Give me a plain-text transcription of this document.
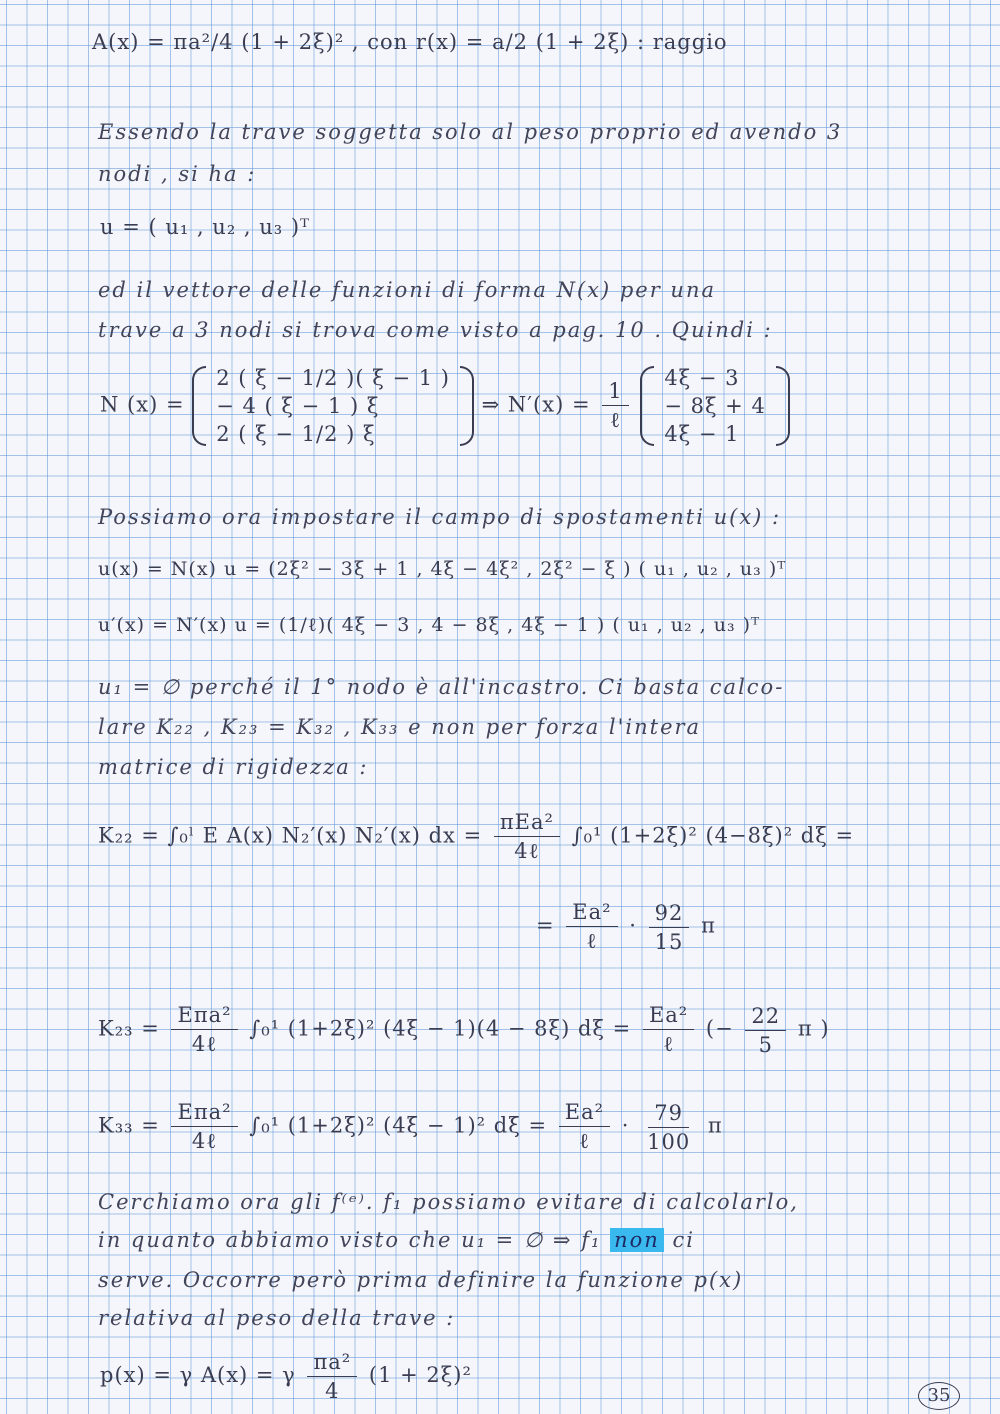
A(x) = πa²/4 (1 + 2ξ)² , con r(x) = a/2 (1 + 2ξ) : raggio
Essendo la trave soggetta solo al peso proprio ed avendo 3
nodi , si ha :
u = ( u₁ , u₂ , u₃ )ᵀ
ed il vettore delle funzioni di forma N(x) per una
trave a 3 nodi si trova come visto a pag. 10 . Quindi :
N (x) =
2 ( ξ − 1/2 )( ξ − 1 )
− 4 ( ξ − 1 ) ξ
2 ( ξ − 1/2 ) ξ
⇒ $N'(x) = \frac{1}{\text{ℓ}}$

4ξ − 3
− 8ξ + 4
4ξ − 1
Possiamo ora impostare il campo di spostamenti u(x) :
u(x) = N(x) u = (2ξ² − 3ξ + 1 , 4ξ − 4ξ² , 2ξ² − ξ ) ( u₁ , u₂ , u₃ )ᵀ
u′(x) = N′(x) u = (1/ℓ)( 4ξ − 3 , 4 − 8ξ , 4ξ − 1 ) ( u₁ , u₂ , u₃ )ᵀ
u₁ = ∅ perché il 1° nodo è all'incastro. Ci basta calco-
lare K₂₂ , K₂₃ = K₃₂ , K₃₃ e non per forza l'intera
matrice di rigidezza :
K₂₂ = ∫₀ˡ E A(x) N₂′(x) N₂′(x) dx = $\frac{\text{πEa²}}{\text{4ℓ}} \int_0^1$ (1+2ξ)² (4−8ξ)² dξ =
= $\frac{\text{Ea²}}{\text{ℓ}} \cdot \frac{92}{15}$ π
$K_{23} = \frac{\text{Eπa²}}{\text{4ℓ}} \int_0^1$ (1+2ξ)² (4ξ − 1)(4 − 8ξ) $d\xi = \frac{\text{Ea²}}{\text{ℓ}}$ (− $\frac{22}{5}$ π )
$K_{33} = \frac{\text{Eπa²}}{\text{4ℓ}} \int_0^1$ (1+2ξ)² (4ξ − 1)² $d\xi = \frac{\text{Ea²}}{\text{ℓ}} \cdot \frac{79}{100}$ π
Cerchiamo ora gli f⁽ᵉ⁾. f₁ possiamo evitare di calcolarlo,
in quanto abbiamo visto che u₁ = ∅ ⇒ f₁ non ci
serve. Occorre però prima definire la funzione p(x)
relativa al peso della trave :
p(x) = γ A(x) = γ $\frac{\text{πa²}}{4} (1 + 2\xi)^2$
35
